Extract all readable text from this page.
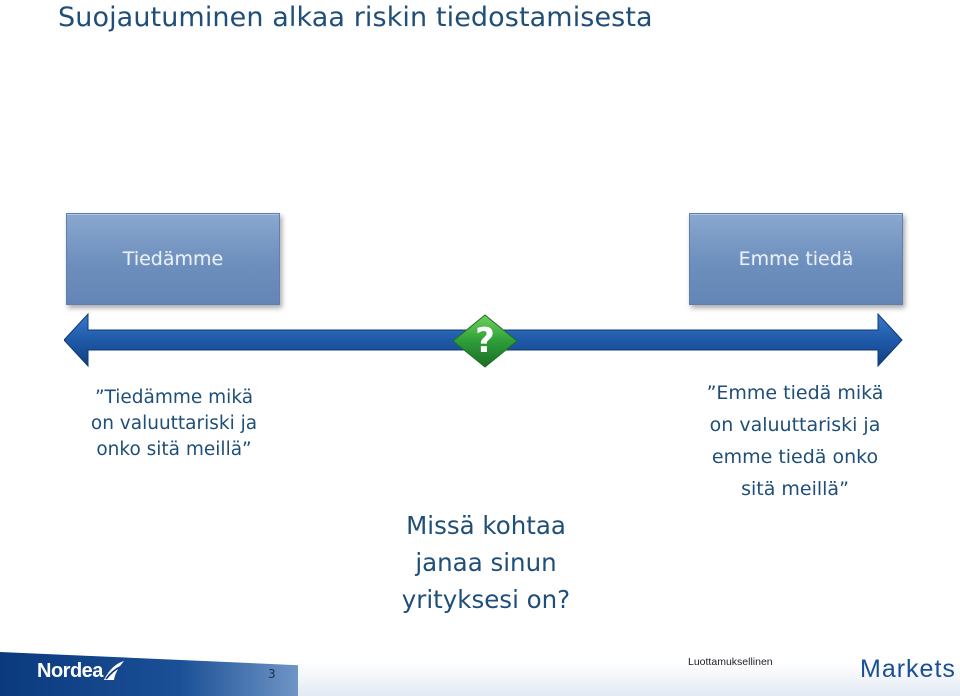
Suojautuminen alkaa riskin tiedostamisesta
Tiedämme	Emme tiedä
?
”Tiedämme mikä
on valuuttariski ja
onko sitä meillä”
”Emme tiedä mikä
on valuuttariski ja
emme tiedä onko
sitä meillä”
Missä kohtaa
janaa sinun
yrityksesi on?
Nordea	3
Luottamuksellinen	Markets
